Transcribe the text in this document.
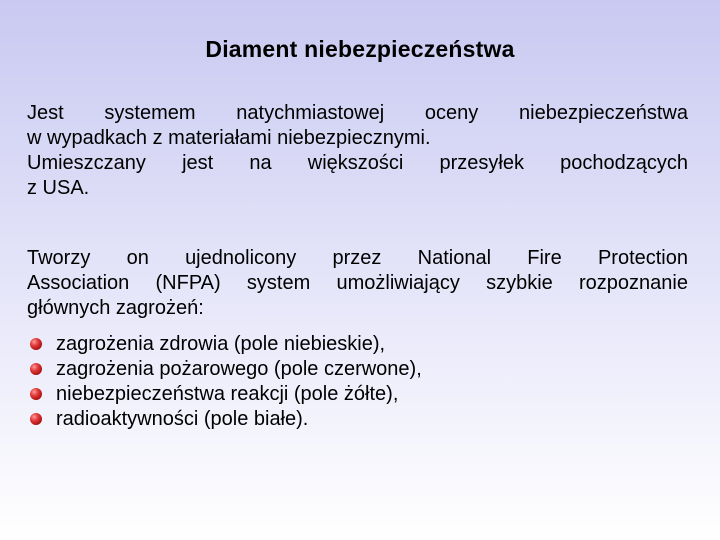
Diament niebezpieczeństwa
Jest systemem natychmiastowej oceny niebezpieczeństwa
w wypadkach z materiałami niebezpiecznymi.
Umieszczany jest na większości przesyłek pochodzących
z USA.
Tworzy on ujednolicony przez National Fire Protection
Association (NFPA) system umożliwiający szybkie rozpoznanie
głównych zagrożeń:
zagrożenia zdrowia (pole niebieskie),
zagrożenia pożarowego (pole czerwone),
niebezpieczeństwa reakcji (pole żółte),
radioaktywności (pole białe).
